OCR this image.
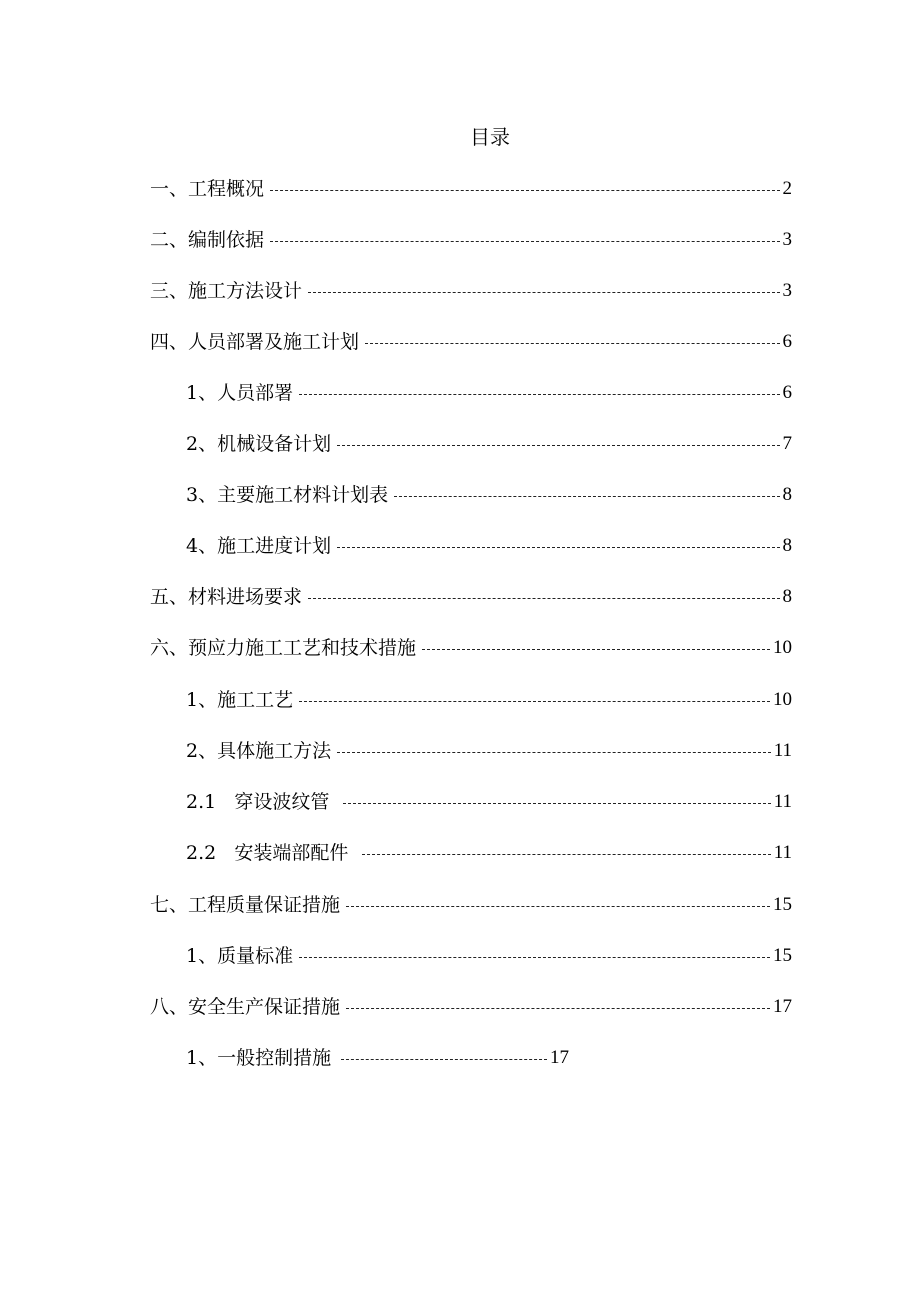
目录
一、工程概况	2
二、编制依据	3
三、施工方法设计	3
四、人员部署及施工计划	6
1、人员部署	6
2、机械设备计划	7
3、主要施工材料计划表	8
4、施工进度计划	8
五、材料进场要求	8
六、预应力施工工艺和技术措施	10
1、施工工艺	10
2、具体施工方法	11
2.1   穿设波纹管	11
2.2   安装端部配件	11
七、工程质量保证措施	15
1、质量标准	15
八、安全生产保证措施	17
1、一般控制措施	17
